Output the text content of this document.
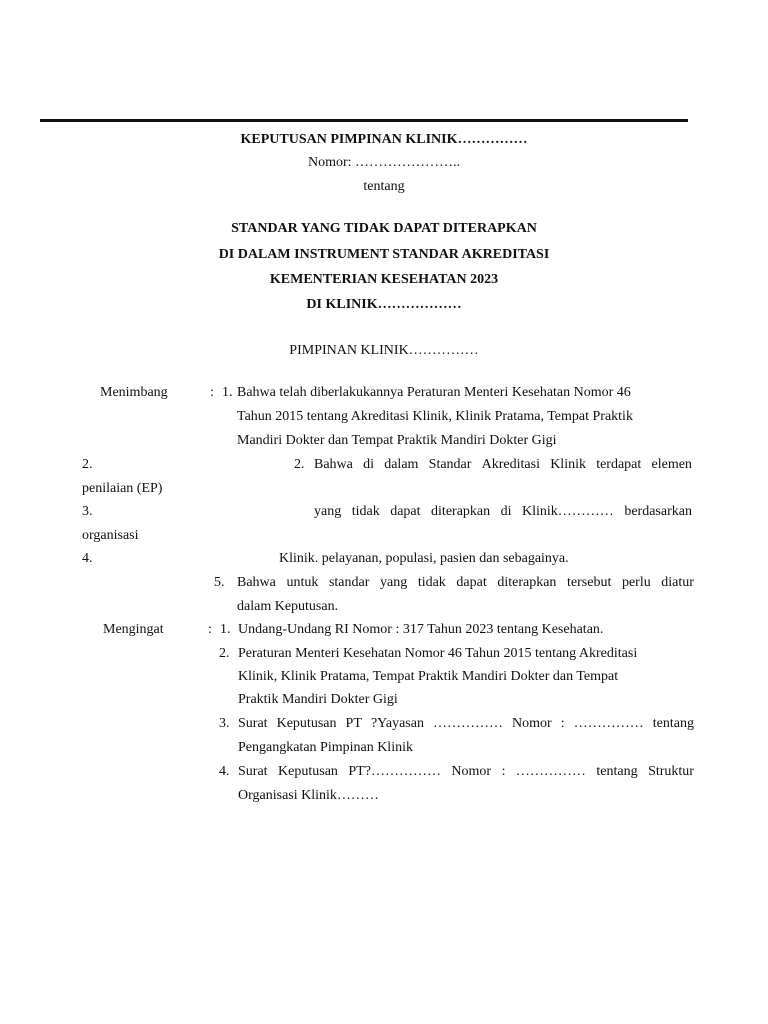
KEPUTUSAN PIMPINAN KLINIK……………
Nomor: …………………..
tentang
STANDAR YANG TIDAK DAPAT DITERAPKAN
DI DALAM INSTRUMENT STANDAR AKREDITASI
KEMENTERIAN KESEHATAN 2023
DI KLINIK………………
PIMPINAN KLINIK……………
Menimbang	: 1. Bahwa telah diberlakukannya Peraturan Menteri Kesehatan Nomor 46
Tahun 2015 tentang Akreditasi Klinik, Klinik Pratama, Tempat Praktik
Mandiri Dokter dan Tempat Praktik Mandiri Dokter Gigi
2.	2. Bahwa di dalam Standar Akreditasi Klinik terdapat elemen
penilaian (EP)
3.	yang tidak dapat diterapkan di Klinik………… berdasarkan
organisasi
4.	Klinik. pelayanan, populasi, pasien dan sebagainya.
5. Bahwa untuk standar yang tidak dapat diterapkan tersebut perlu diatur
dalam Keputusan.
Mengingat	: 1. Undang-Undang RI Nomor : 317 Tahun 2023 tentang Kesehatan.
2. Peraturan Menteri Kesehatan Nomor 46 Tahun 2015 tentang Akreditasi
Klinik, Klinik Pratama, Tempat Praktik Mandiri Dokter dan Tempat
Praktik Mandiri Dokter Gigi
3. Surat Keputusan PT ?Yayasan …………… Nomor : …………… tentang
Pengangkatan Pimpinan Klinik
4. Surat Keputusan PT?…………… Nomor : …………… tentang Struktur
Organisasi Klinik………
